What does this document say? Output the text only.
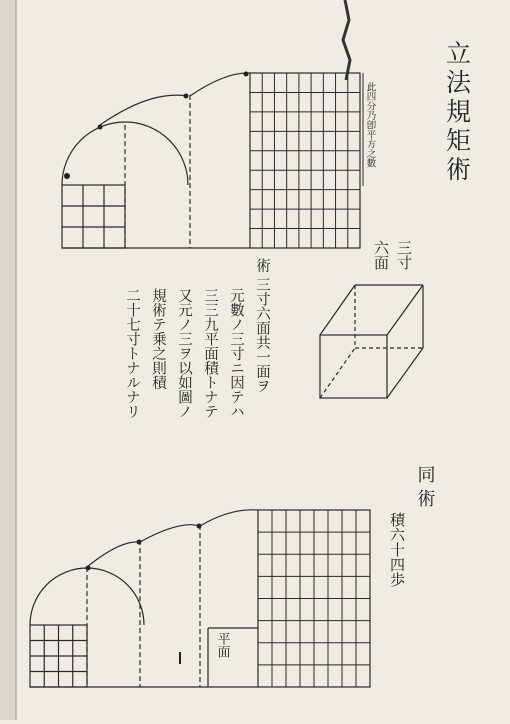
此四分乃卽平方之數	立法規矩術
三寸
六面
術 三寸六面共一面ヲ
元數ノ三寸ニ因テハ
三三九平面積トナテ
又元ノ三ヲ以如圖ノ
規術テ乗之則積
二十七寸トナルナリ
同術
積六十四歩
平面
